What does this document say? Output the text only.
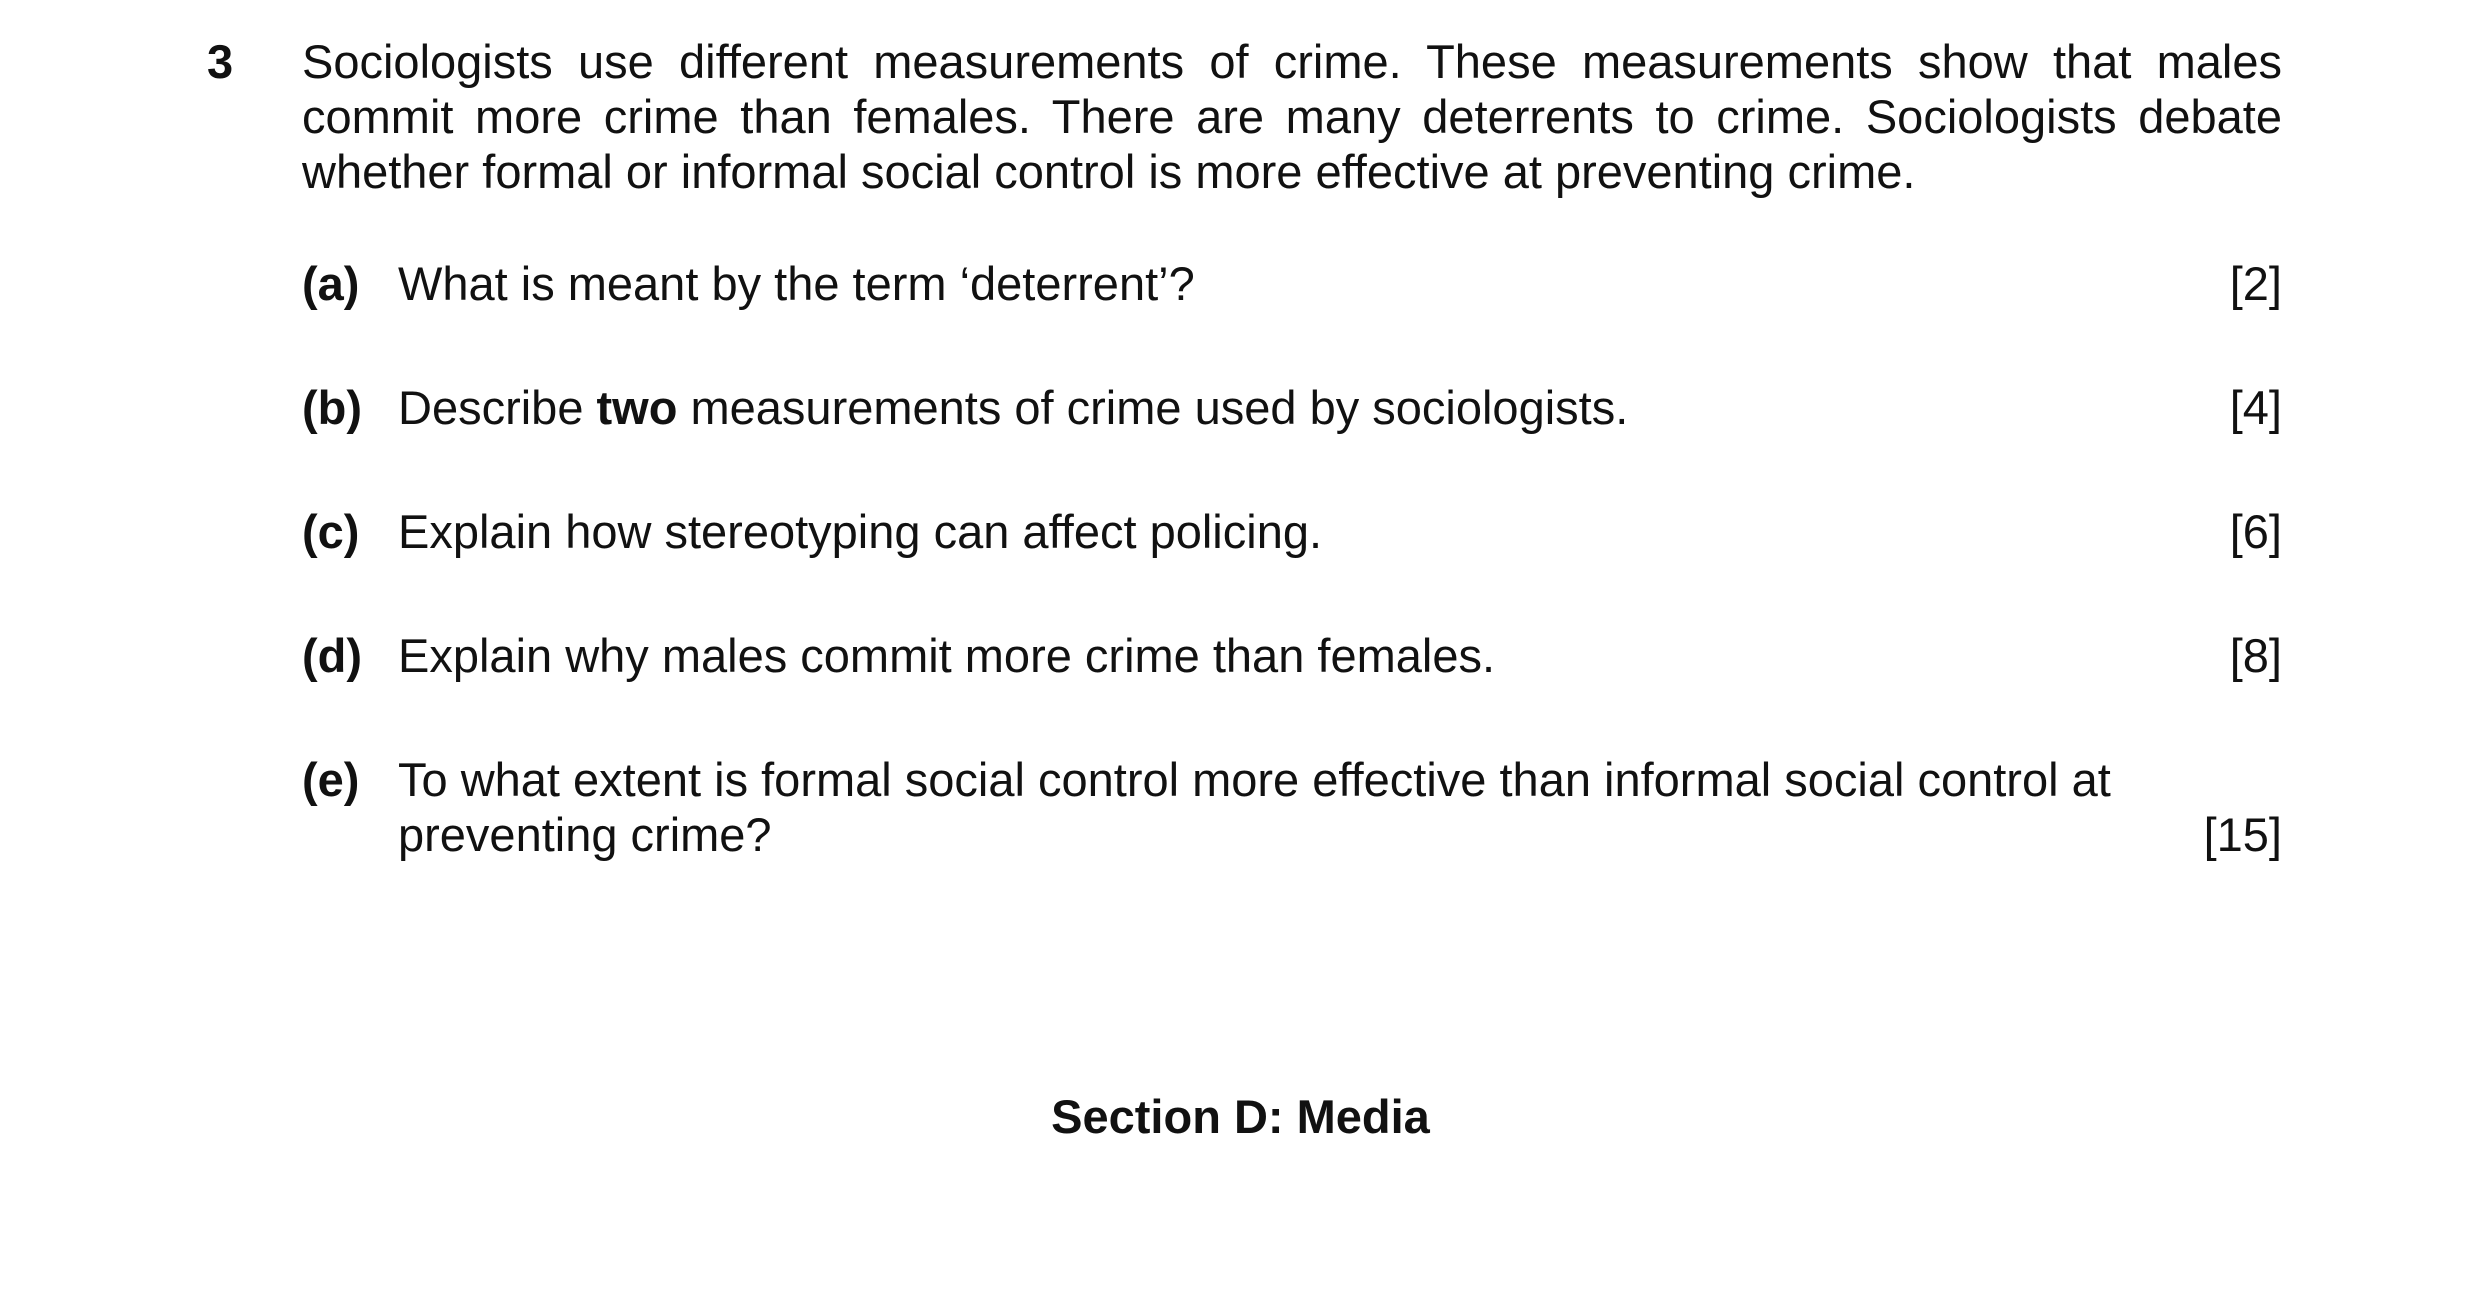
3 Sociologists use different measurements of crime. These measurements show that males commit more crime than females. There are many deterrents to crime. Sociologists debate whether formal or informal social control is more effective at preventing crime.

(a) What is meant by the term ‘deterrent’?	[2]
(b) Describe two measurements of crime used by sociologists.	[4]
(c) Explain how stereotyping can affect policing.	[6]
(d) Explain why males commit more crime than females.	[8]
(e) To what extent is formal social control more effective than informal social control at preventing crime?	[15]
Section D: Media
